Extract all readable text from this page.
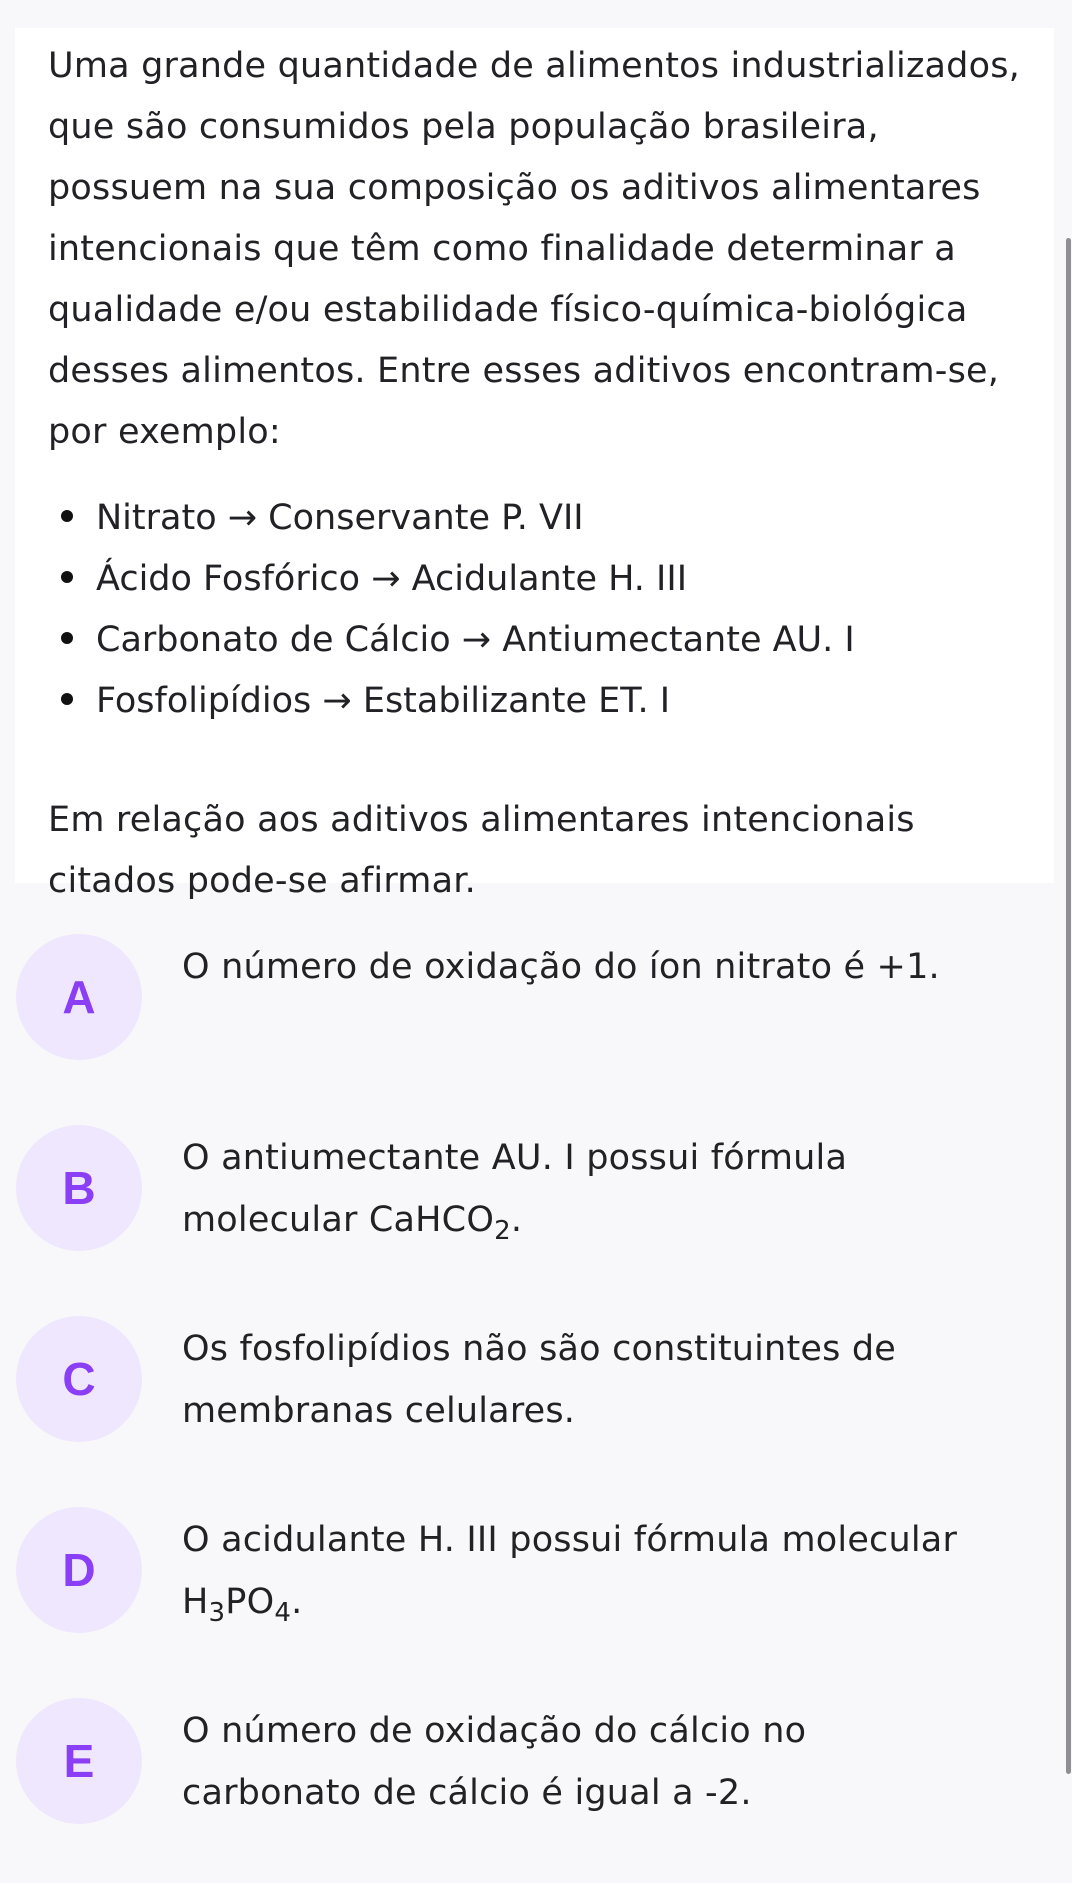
Uma grande quantidade de alimentos industrializados,
que são consumidos pela população brasileira,
possuem na sua composição os aditivos alimentares
intencionais que têm como finalidade determinar a
qualidade e/ou estabilidade físico-química-biológica
desses alimentos. Entre esses aditivos encontram-se,
por exemplo:

Nitrato → Conservante P. VII
Ácido Fosfórico → Acidulante H. III
Carbonato de Cálcio → Antiumectante AU. I
Fosfolipídios → Estabilizante ET. I

Em relação aos aditivos alimentares intencionais
citados pode-se afirmar.

A
O número de oxidação do íon nitrato é +1.
B
O antiumectante AU. I possui fórmula
molecular CaHCO$_2$.
C
Os fosfolipídios não são constituintes de
membranas celulares.
D
O acidulante H. III possui fórmula molecular
$H_3PO_4$.
E
O número de oxidação do cálcio no
carbonato de cálcio é igual a -2.
